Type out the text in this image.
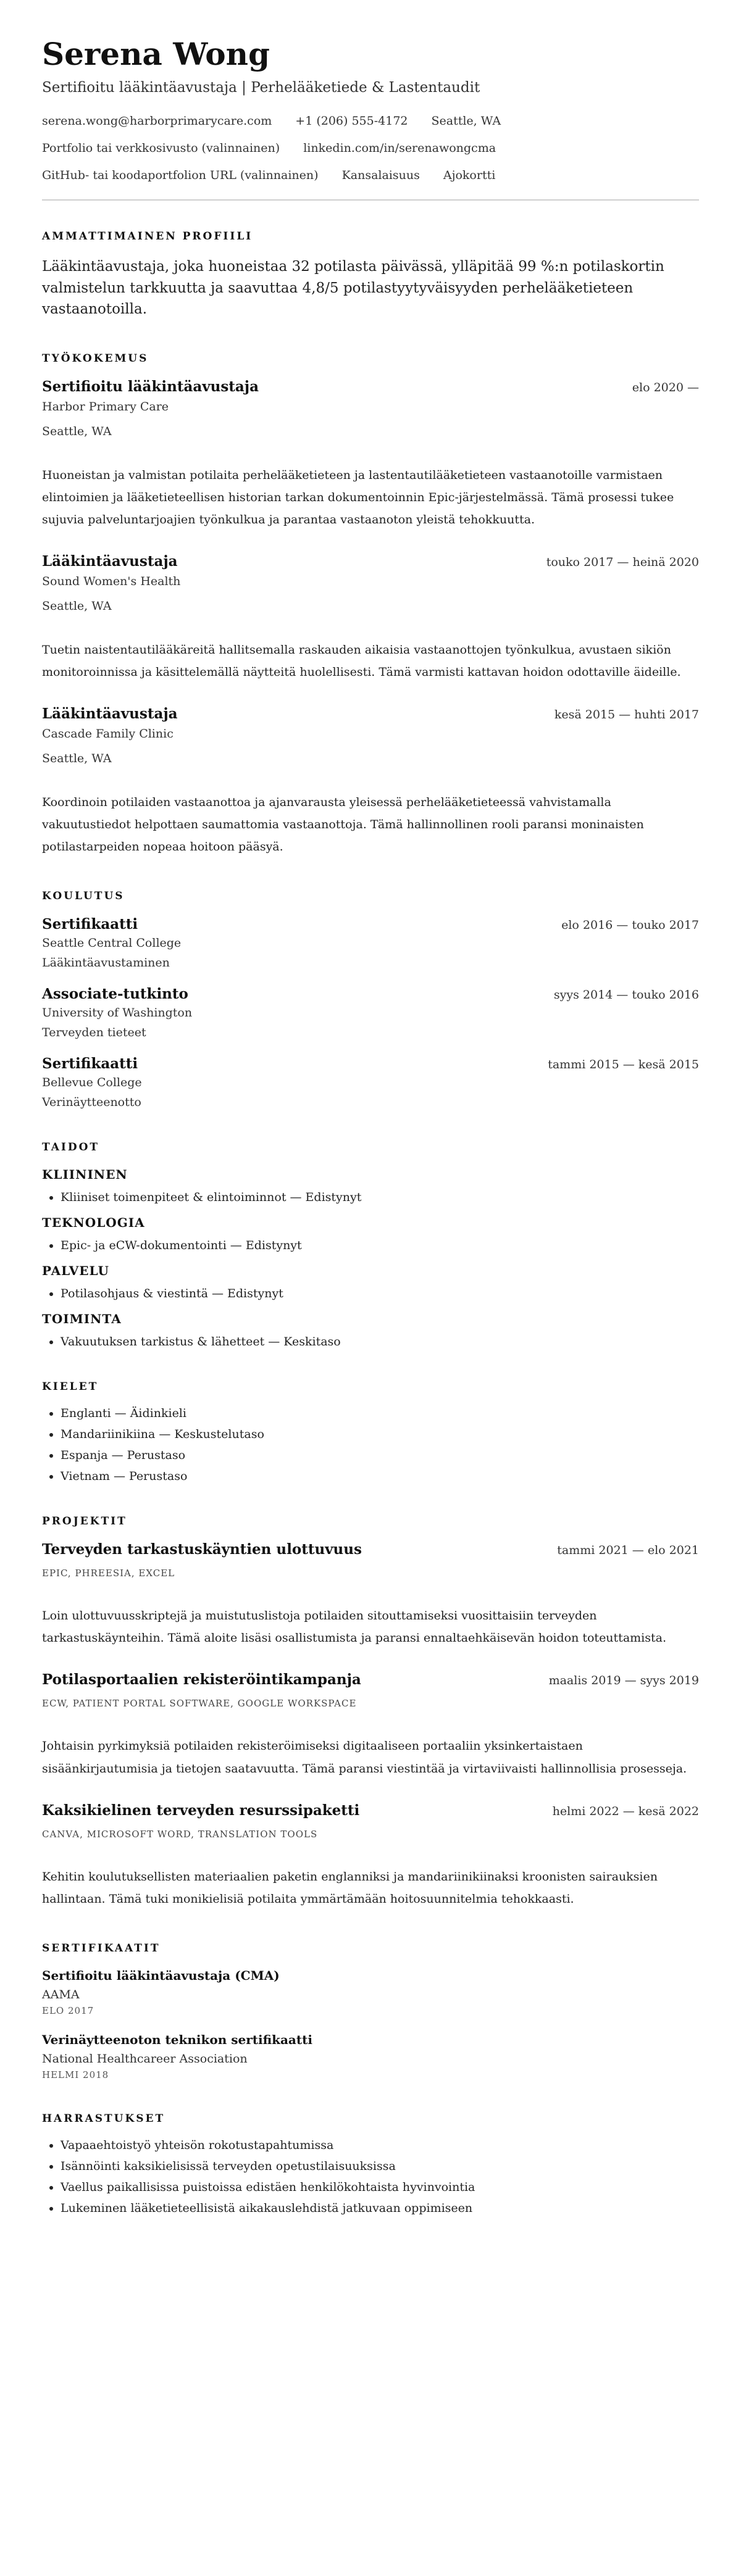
Serena Wong
Sertifioitu lääkintäavustaja | Perhelääketiede & Lastentaudit
serena.wong@harborprimarycare.com +1 (206) 555-4172 Seattle, WA
Portfolio tai verkkosivusto (valinnainen) linkedin.com/in/serenawongcma
GitHub- tai koodaportfolion URL (valinnainen) Kansalaisuus Ajokortti
AMMATTIMAINEN PROFIILI

Lääkintäavustaja, joka huoneistaa 32 potilasta päivässä, ylläpitää 99 %:n potilaskortin valmistelun tarkkuutta ja saavuttaa 4,8/5 potilastyytyväisyyden perhelääketieteen vastaanotoilla.

TYÖKOKEMUS
Sertifioitu lääkintäavustaja	elo 2020 —
Harbor Primary Care
Seattle, WA
Huoneistan ja valmistan potilaita perhelääketieteen ja lastentautilääketieteen vastaanotoille varmistaen elintoimien ja lääketieteellisen historian tarkan dokumentoinnin Epic-järjestelmässä. Tämä prosessi tukee sujuvia palveluntarjoajien työnkulkua ja parantaa vastaanoton yleistä tehokkuutta.
Lääkintäavustaja	touko 2017 — heinä 2020
Sound Women's Health
Seattle, WA
Tuetin naistentautilääkäreitä hallitsemalla raskauden aikaisia vastaanottojen työnkulkua, avustaen sikiön monitoroinnissa ja käsittelemällä näytteitä huolellisesti. Tämä varmisti kattavan hoidon odottaville äideille.
Lääkintäavustaja	kesä 2015 — huhti 2017
Cascade Family Clinic
Seattle, WA
Koordinoin potilaiden vastaanottoa ja ajanvarausta yleisessä perhelääketieteessä vahvistamalla vakuutustiedot helpottaen saumattomia vastaanottoja. Tämä hallinnollinen rooli paransi moninaisten potilastarpeiden nopeaa hoitoon pääsyä.
KOULUTUS
Sertifikaatti	elo 2016 — touko 2017
Seattle Central College
Lääkintäavustaminen
Associate-tutkinto	syys 2014 — touko 2016
University of Washington
Terveyden tieteet
Sertifikaatti	tammi 2015 — kesä 2015
Bellevue College
Verinäytteenotto
TAIDOT
KLIININEN
• Kliiniset toimenpiteet & elintoiminnot — Edistynyt
TEKNOLOGIA
• Epic- ja eCW-dokumentointi — Edistynyt
PALVELU
• Potilasohjaus & viestintä — Edistynyt
TOIMINTA
• Vakuutuksen tarkistus & lähetteet — Keskitaso
KIELET
• Englanti — Äidinkieli
• Mandariinikiina — Keskustelutaso
• Espanja — Perustaso
• Vietnam — Perustaso
PROJEKTIT
Terveyden tarkastuskäyntien ulottuvuus	tammi 2021 — elo 2021
EPIC, PHREESIA, EXCEL
Loin ulottuvuusskriptejä ja muistutuslistoja potilaiden sitouttamiseksi vuosittaisiin terveyden tarkastuskäynteihin. Tämä aloite lisäsi osallistumista ja paransi ennaltaehkäisevän hoidon toteuttamista.
Potilasportaalien rekisteröintikampanja	maalis 2019 — syys 2019
ECW, PATIENT PORTAL SOFTWARE, GOOGLE WORKSPACE
Johtaisin pyrkimyksiä potilaiden rekisteröimiseksi digitaaliseen portaaliin yksinkertaistaen sisäänkirjautumisia ja tietojen saatavuutta. Tämä paransi viestintää ja virtaviivaisti hallinnollisia prosesseja.
Kaksikielinen terveyden resurssipaketti	helmi 2022 — kesä 2022
CANVA, MICROSOFT WORD, TRANSLATION TOOLS
Kehitin koulutuksellisten materiaalien paketin englanniksi ja mandariinikiinaksi kroonisten sairauksien hallintaan. Tämä tuki monikielisiä potilaita ymmärtämään hoitosuunnitelmia tehokkaasti.
SERTIFIKAATIT
Sertifioitu lääkintäavustaja (CMA)
AAMA
ELO 2017
Verinäytteenoton teknikon sertifikaatti
National Healthcareer Association
HELMI 2018
HARRASTUKSET
• Vapaaehtoistyö yhteisön rokotustapahtumissa
• Isännöinti kaksikielisissä terveyden opetustilaisuuksissa
• Vaellus paikallisissa puistoissa edistäen henkilökohtaista hyvinvointia
• Lukeminen lääketieteellisistä aikakauslehdistä jatkuvaan oppimiseen
